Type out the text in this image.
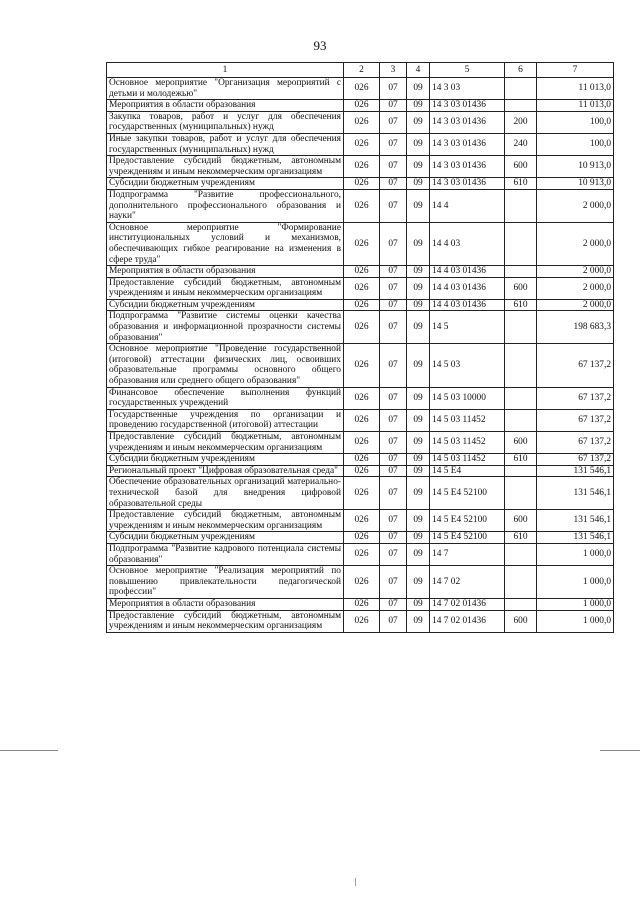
93
1	2	3	4	5	6	7
Основное мероприятие "Организация мероприятий с детьми и молодежью"	026	07	09	14 3 03		11 013,0
Мероприятия в области образования	026	07	09	14 3 03 01436		11 013,0
Закупка товаров, работ и услуг для обеспечения государственных (муниципальных) нужд	026	07	09	14 3 03 01436	200	100,0
Иные закупки товаров, работ и услуг для обеспечения государственных (муниципальных) нужд	026	07	09	14 3 03 01436	240	100,0
Предоставление субсидий бюджетным, автономным учреждениям и иным некоммерческим организациям	026	07	09	14 3 03 01436	600	10 913,0
Субсидии бюджетным учреждениям	026	07	09	14 3 03 01436	610	10 913,0
Подпрограмма "Развитие профессионального, дополнительного профессионального образования и науки"	026	07	09	14 4		2 000,0
Основное мероприятие "Формирование институциональных условий и механизмов, обеспечивающих гибкое реагирование на изменения в сфере труда"	026	07	09	14 4 03		2 000,0
Мероприятия в области образования	026	07	09	14 4 03 01436		2 000,0
Предоставление субсидий бюджетным, автономным учреждениям и иным некоммерческим организациям	026	07	09	14 4 03 01436	600	2 000,0
Субсидии бюджетным учреждениям	026	07	09	14 4 03 01436	610	2 000,0
Подпрограмма "Развитие системы оценки качества образования и информационной прозрачности системы образования"	026	07	09	14 5		198 683,3
Основное мероприятие "Проведение государственной (итоговой) аттестации физических лиц, освоивших образовательные программы основного общего образования или среднего общего образования"	026	07	09	14 5 03		67 137,2
Финансовое обеспечение выполнения функций государственных учреждений	026	07	09	14 5 03 10000		67 137,2
Государственные учреждения по организации и проведению государственной (итоговой) аттестации	026	07	09	14 5 03 11452		67 137,2
Предоставление субсидий бюджетным, автономным учреждениям и иным некоммерческим организациям	026	07	09	14 5 03 11452	600	67 137,2
Субсидии бюджетным учреждениям	026	07	09	14 5 03 11452	610	67 137,2
Региональный проект "Цифровая образовательная среда"	026	07	09	14 5 E4		131 546,1
Обеспечение образовательных организаций материально-технической базой для внедрения цифровой образовательной среды	026	07	09	14 5 E4 52100		131 546,1
Предоставление субсидий бюджетным, автономным учреждениям и иным некоммерческим организациям	026	07	09	14 5 E4 52100	600	131 546,1
Субсидии бюджетным учреждениям	026	07	09	14 5 E4 52100	610	131 546,1
Подпрограмма "Развитие кадрового потенциала системы образования"	026	07	09	14 7		1 000,0
Основное мероприятие "Реализация мероприятий по повышению привлекательности педагогической профессии"	026	07	09	14 7 02		1 000,0
Мероприятия в области образования	026	07	09	14 7 02 01436		1 000,0
Предоставление субсидий бюджетным, автономным учреждениям и иным некоммерческим организациям	026	07	09	14 7 02 01436	600	1 000,0
